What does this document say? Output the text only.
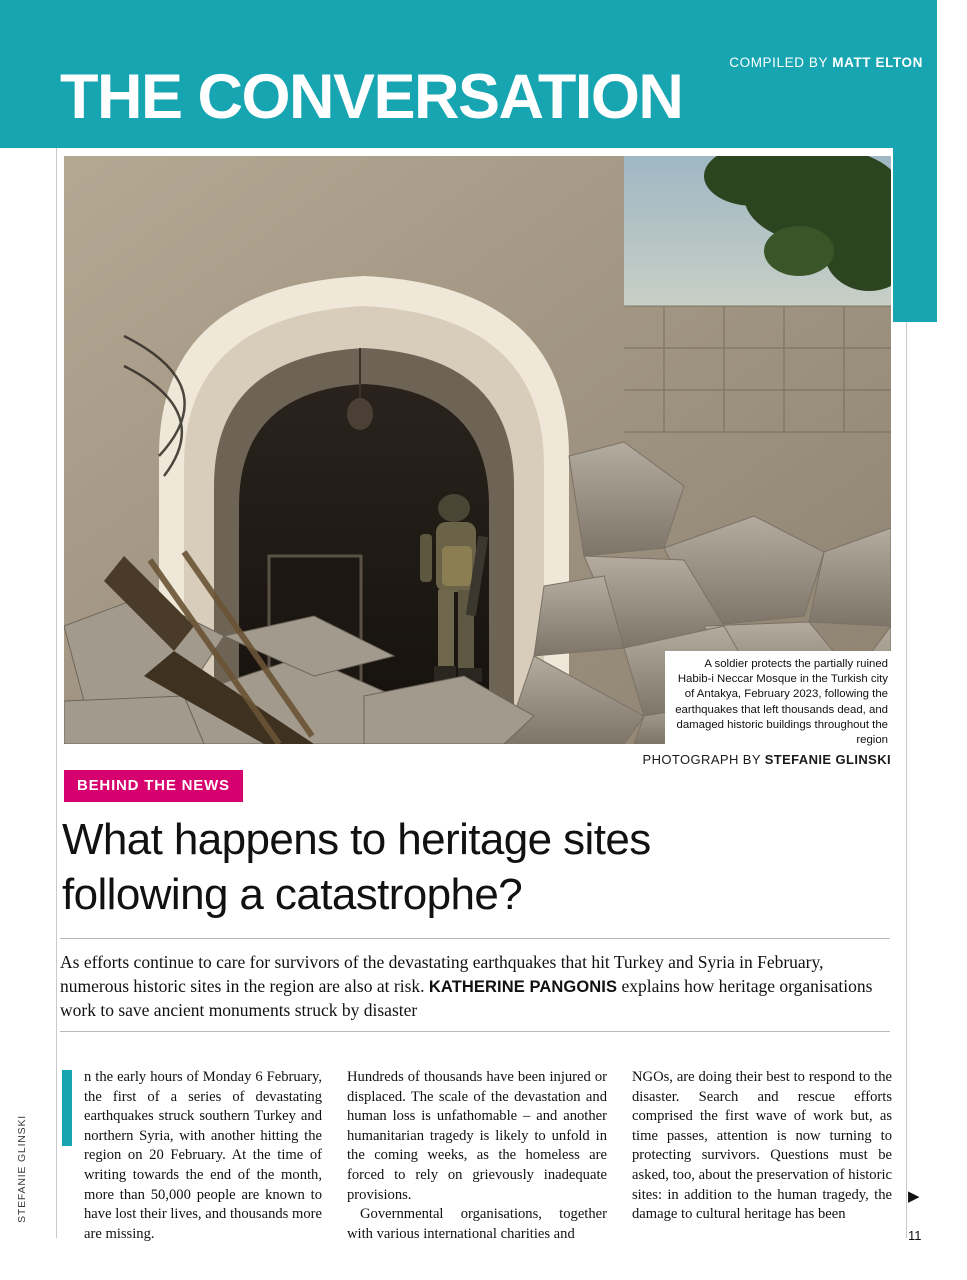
COMPILED BY MATT ELTON
THE CONVERSATION
A soldier protects the partially ruined Habib-i Neccar Mosque in the Turkish city of Antakya, February 2023, following the earthquakes that left thousands dead, and damaged historic buildings throughout the region
PHOTOGRAPH BY STEFANIE GLINSKI
BEHIND THE NEWS
What happens to heritage sites
following a catastrophe?
As efforts continue to care for survivors of the devastating earthquakes that hit Turkey and Syria in February, numerous historic sites in the region are also at risk. KATHERINE PANGONIS explains how heritage organisations work to save ancient monuments struck by disaster

n the early hours of Monday 6 February, the first of a series of devastating earthquakes struck southern Turkey and northern Syria, with another hitting the region on 20 February. At the time of writing towards the end of the month, more than 50,000 people are known to have lost their lives, and thousands more are missing.

Hundreds of thousands have been injured or displaced. The scale of the devastation and human loss is unfathomable – and another humanitarian tragedy is likely to unfold in the coming weeks, as the homeless are forced to rely on grievously inadequate provisions.

Governmental organisations, together with various international charities and

NGOs, are doing their best to respond to the disaster. Search and rescue efforts comprised the first wave of work but, as time passes, attention is now turning to protecting survivors. Questions must be asked, too, about the preservation of historic sites: in addition to the human tragedy, the damage to cultural heritage has been

STEFANIE GLINSKI	▶
11
